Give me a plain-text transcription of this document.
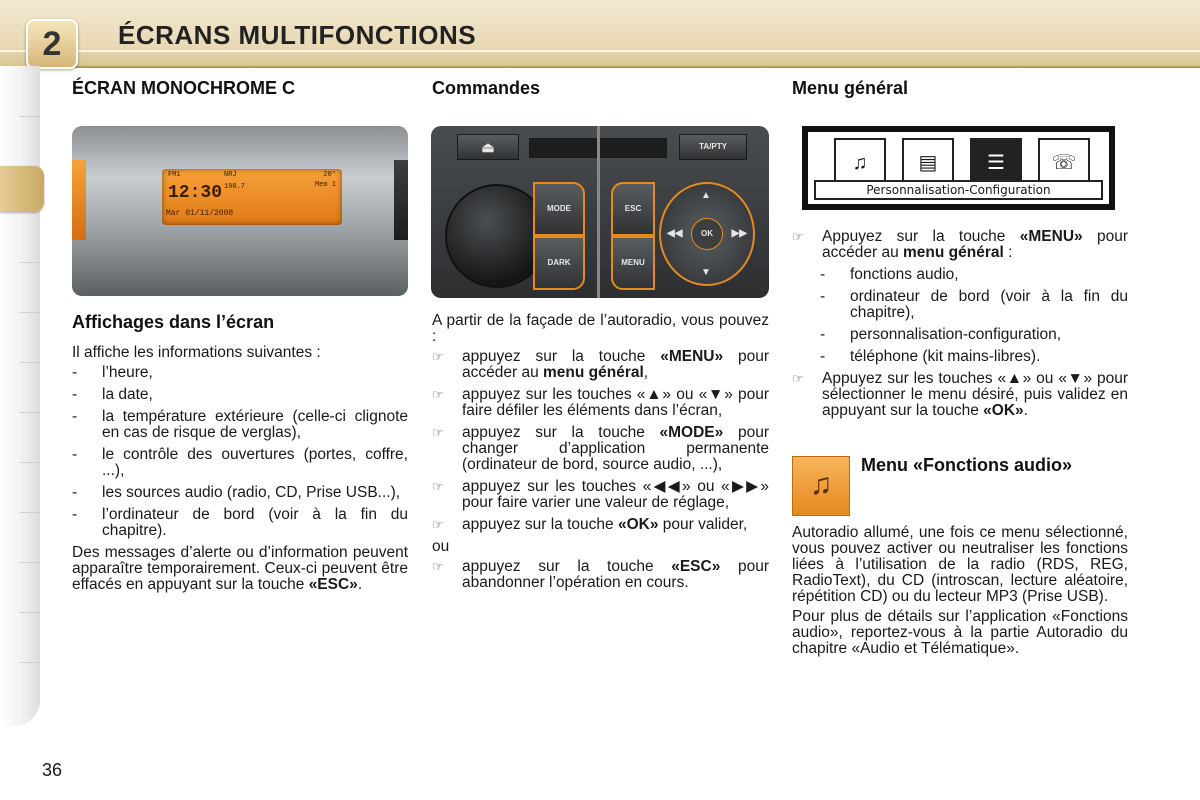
2	ÉCRANS MULTIFONCTIONS
ÉCRAN MONOCHROME C
FM1	NRJ	20°
Mem 1
100.7
12:30
Mar 01/11/2008
Affichages dans l’écran

Il affiche les informations suivantes :

- l’heure,
- la date,
- la température extérieure (celle-ci clignote en cas de risque de verglas),
- le contrôle des ouvertures (portes, coffre, ...),
- les sources audio (radio, CD, Prise USB...),
- l’ordinateur de bord (voir à la fin du chapitre).

Des messages d’alerte ou d’information peuvent apparaître temporairement. Ceux-ci peuvent être effacés en appuyant sur la touche «ESC».

Commandes
⏏	TA/PTY
MODE
DARK
ESC
MENU
▲
▼
◀◀	▶▶
OK

A partir de la façade de l’autoradio, vous pouvez :

☞ appuyez sur la touche «MENU» pour accéder au menu général,
☞ appuyez sur les touches «▲» ou «▼» pour faire défiler les éléments dans l’écran,
☞ appuyez sur la touche «MODE» pour changer d’application permanente (ordinateur de bord, source audio, ...),
☞ appuyez sur les touches «◀◀» ou «▶▶» pour faire varier une valeur de réglage,
☞ appuyez sur la touche «OK» pour valider,

ou

☞ appuyez sur la touche «ESC» pour abandonner l’opération en cours.
Menu général
♫	▤	☰	☏
Personnalisation-Configuration
☞ Appuyez sur la touche «MENU» pour accéder au menu général :
- fonctions audio,
- ordinateur de bord (voir à la fin du chapitre),
- personnalisation-configuration,
- téléphone (kit mains-libres).
☞ Appuyez sur les touches «▲» ou «▼» pour sélectionner le menu désiré, puis validez en appuyant sur la touche «OK».
♫
Menu «Fonctions audio»

Autoradio allumé, une fois ce menu sélectionné, vous pouvez activer ou neutraliser les fonctions liées à l’utilisation de la radio (RDS, REG, RadioText), du CD (introscan, lecture aléatoire, répétition CD) ou du lecteur MP3 (Prise USB).

Pour plus de détails sur l’application «Fonctions audio», reportez-vous à la partie Autoradio du chapitre «Audio et Télématique».

36
